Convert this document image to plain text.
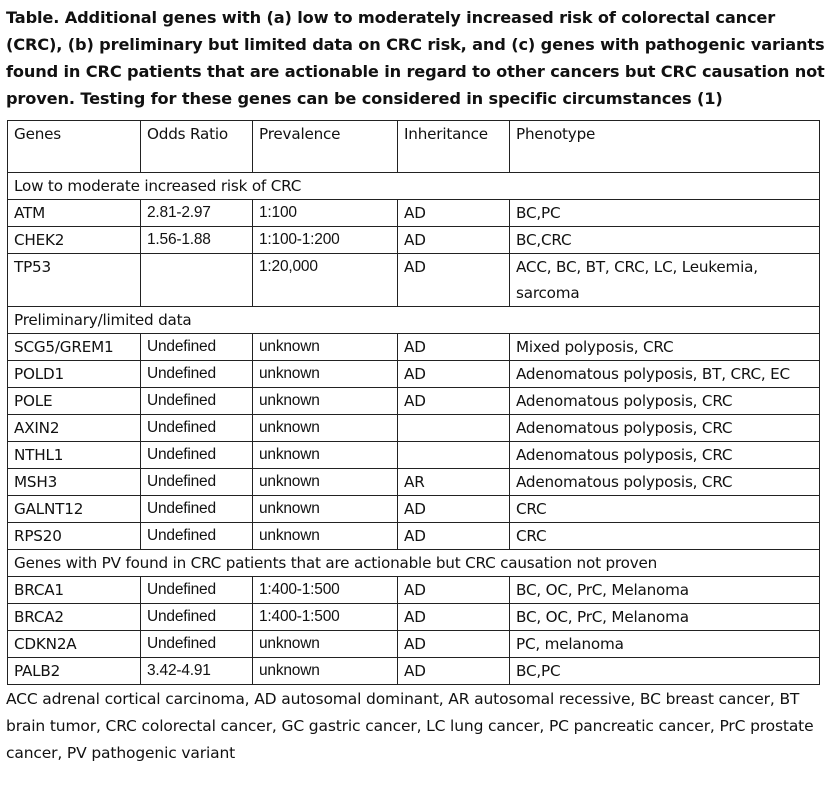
Table. Additional genes with (a) low to moderately increased risk of colorectal cancer (CRC), (b) preliminary but limited data on CRC risk, and (c) genes with pathogenic variants found in CRC patients that are actionable in regard to other cancers but CRC causation not proven. Testing for these genes can be considered in specific circumstances (1)
Genes	Odds Ratio	Prevalence	Inheritance	Phenotype
Low to moderate increased risk of CRC				
ATM	2.81-2.97	1:100	AD	BC,PC
CHEK2	1.56-1.88	1:100-1:200	AD	BC,CRC
TP53		1:20,000	AD	ACC, BC, BT, CRC, LC, Leukemia, sarcoma
Preliminary/limited data				
SCG5/GREM1	Undefined	unknown	AD	Mixed polyposis, CRC
POLD1	Undefined	unknown	AD	Adenomatous polyposis, BT, CRC, EC
POLE	Undefined	unknown	AD	Adenomatous polyposis, CRC
AXIN2	Undefined	unknown		Adenomatous polyposis, CRC
NTHL1	Undefined	unknown		Adenomatous polyposis, CRC
MSH3	Undefined	unknown	AR	Adenomatous polyposis, CRC
GALNT12	Undefined	unknown	AD	CRC
RPS20	Undefined	unknown	AD	CRC
Genes with PV found in CRC patients that are actionable but CRC causation not proven				
BRCA1	Undefined	1:400-1:500	AD	BC, OC, PrC, Melanoma
BRCA2	Undefined	1:400-1:500	AD	BC, OC, PrC, Melanoma
CDKN2A	Undefined	unknown	AD	PC, melanoma
PALB2	3.42-4.91	unknown	AD	BC,PC
ACC adrenal cortical carcinoma, AD autosomal dominant, AR autosomal recessive, BC breast cancer, BT brain tumor, CRC colorectal cancer, GC gastric cancer, LC lung cancer, PC pancreatic cancer, PrC prostate cancer, PV pathogenic variant
